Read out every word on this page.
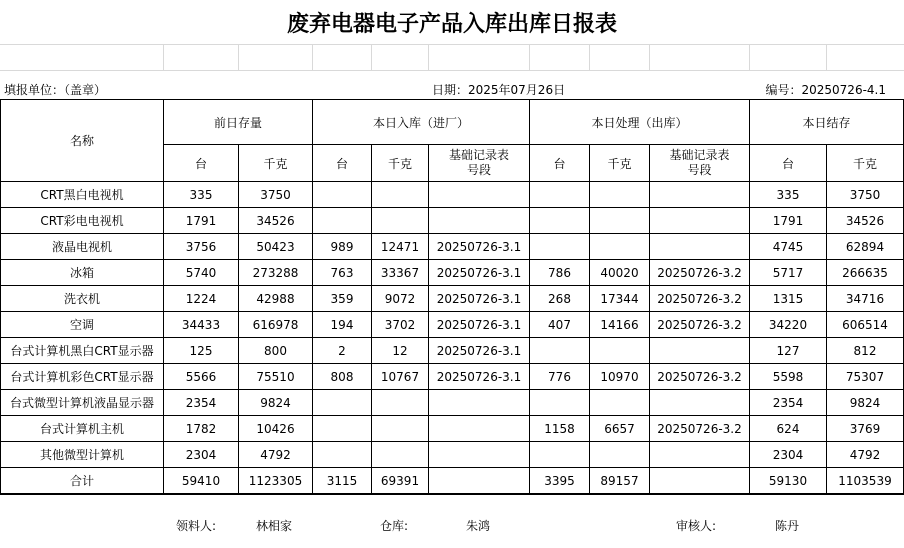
废弃电器电子产品入库出库日报表
填报单位：（盖章）	日期：2025年07月26日	编号：20250726-4.1
名称	前日存量		本日入库（进厂）			本日处理（出库）			本日结存	
	台	千克	台	千克	基础记录表号段	台	千克	基础记录表号段	台	千克
CRT黑白电视机	335	3750							335	3750
CRT彩电电视机	1791	34526							1791	34526
液晶电视机	3756	50423	989	12471	20250726-3.1				4745	62894
冰箱	5740	273288	763	33367	20250726-3.1	786	40020	20250726-3.2	5717	266635
洗衣机	1224	42988	359	9072	20250726-3.1	268	17344	20250726-3.2	1315	34716
空调	34433	616978	194	3702	20250726-3.1	407	14166	20250726-3.2	34220	606514
台式计算机黑白CRT显示器	125	800	2	12	20250726-3.1				127	812
台式计算机彩色CRT显示器	5566	75510	808	10767	20250726-3.1	776	10970	20250726-3.2	5598	75307
台式微型计算机液晶显示器	2354	9824							2354	9824
台式计算机主机	1782	10426				1158	6657	20250726-3.2	624	3769
其他微型计算机	2304	4792							2304	4792
合计	59410	1123305	3115	69391		3395	89157		59130	1103539
领料人:	林相家	仓库:	朱鸿	审核人:	陈丹
